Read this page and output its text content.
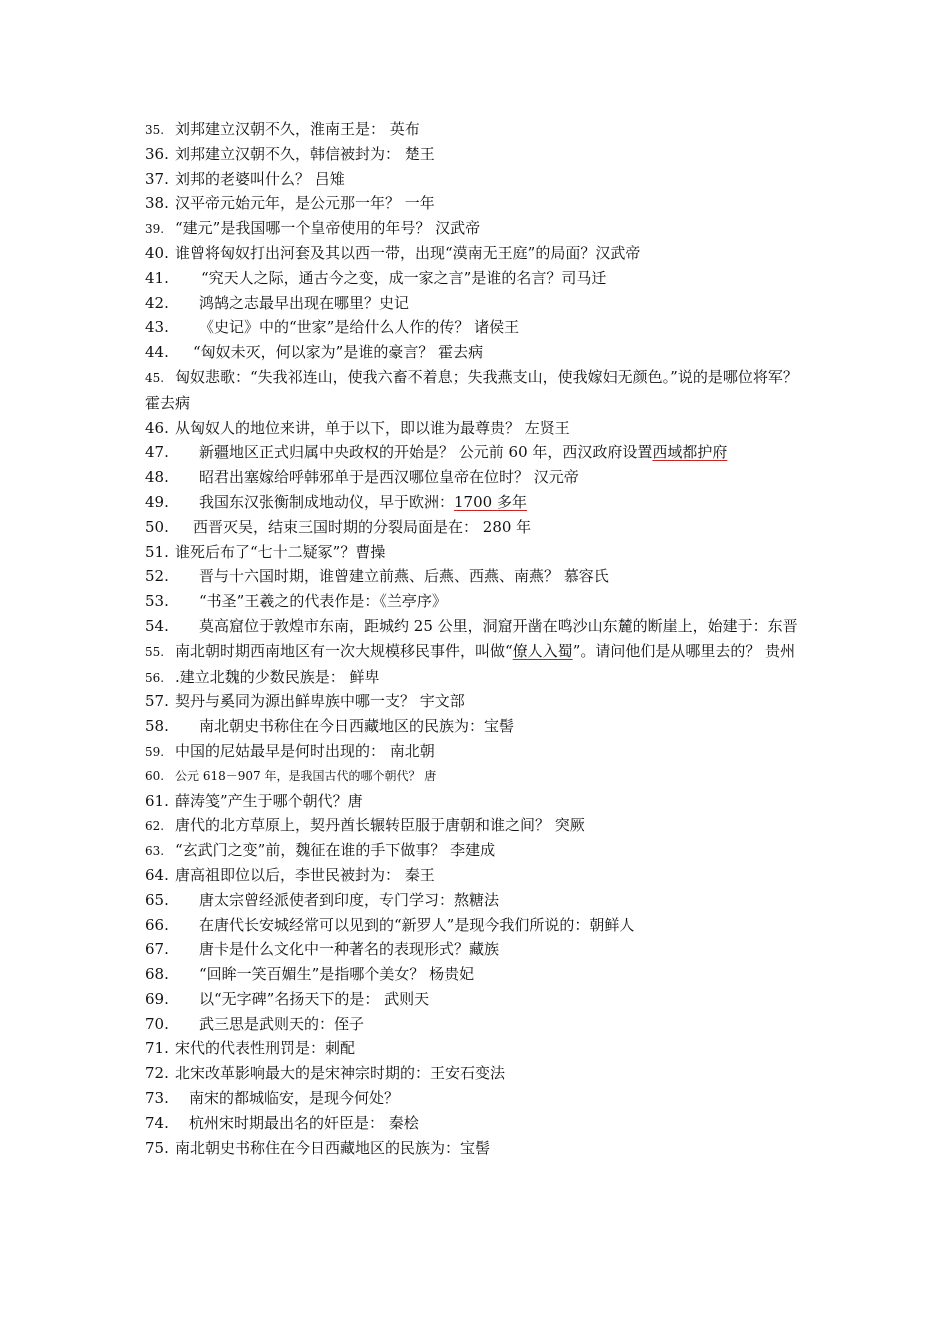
35. 刘邦建立汉朝不久，淮南王是： 英布
36. 刘邦建立汉朝不久，韩信被封为： 楚王
37. 刘邦的老婆叫什么？ 吕雉
38. 汉平帝元始元年，是公元那一年？ 一年
39. “建元”是我国哪一个皇帝使用的年号？ 汉武帝
40. 谁曾将匈奴打出河套及其以西一带，出现“漠南无王庭”的局面？汉武帝
41. “究天人之际，通古今之变，成一家之言”是谁的名言？司马迁
42. 鸿鹄之志最早出现在哪里？史记
43. 《史记》中的“世家”是给什么人作的传？ 诸侯王
44. “匈奴未灭，何以家为”是谁的豪言？ 霍去病
45. 匈奴悲歌：“失我祁连山，使我六畜不着息；失我燕支山，使我嫁妇无颜色。”说的是哪位将军？ 霍去病
46. 从匈奴人的地位来讲，单于以下，即以谁为最尊贵？ 左贤王
47. 新疆地区正式归属中央政权的开始是？ 公元前 60 年，西汉政府设置西域都护府
48. 昭君出塞嫁给呼韩邪单于是西汉哪位皇帝在位时？ 汉元帝
49. 我国东汉张衡制成地动仪，早于欧洲：1700 多年
50. 西晋灭吴，结束三国时期的分裂局面是在： 280 年
51. 谁死后布了“七十二疑冢”？曹操
52. 晋与十六国时期，谁曾建立前燕、后燕、西燕、南燕？ 慕容氏
53. “书圣”王羲之的代表作是：《兰亭序》
54. 莫高窟位于敦煌市东南，距城约 25 公里，洞窟开凿在鸣沙山东麓的断崖上，始建于：东晋
55. 南北朝时期西南地区有一次大规模移民事件，叫做“僚人入蜀”。请问他们是从哪里去的？ 贵州
56. .建立北魏的少数民族是： 鲜卑
57. 契丹与奚同为源出鲜卑族中哪一支？ 宇文部
58. 南北朝史书称住在今日西藏地区的民族为：宝髻
59. 中国的尼姑最早是何时出现的： 南北朝
60. 公元 618－907 年，是我国古代的哪个朝代？ 唐
61. 薛涛笺”产生于哪个朝代？唐
62. 唐代的北方草原上，契丹酋长辗转臣服于唐朝和谁之间？ 突厥
63. “玄武门之变”前，魏征在谁的手下做事？ 李建成
64. 唐高祖即位以后，李世民被封为： 秦王
65. 唐太宗曾经派使者到印度，专门学习：熬糖法
66. 在唐代长安城经常可以见到的“新罗人”是现今我们所说的：朝鲜人
67. 唐卡是什么文化中一种著名的表现形式？藏族
68. “回眸一笑百媚生”是指哪个美女？ 杨贵妃
69. 以“无字碑”名扬天下的是： 武则天
70. 武三思是武则天的：侄子
71. 宋代的代表性刑罚是：刺配
72. 北宋改革影响最大的是宋神宗时期的：王安石变法
73. 南宋的都城临安，是现今何处？
74. 杭州宋时期最出名的奸臣是： 秦桧
75. 南北朝史书称住在今日西藏地区的民族为：宝髻
